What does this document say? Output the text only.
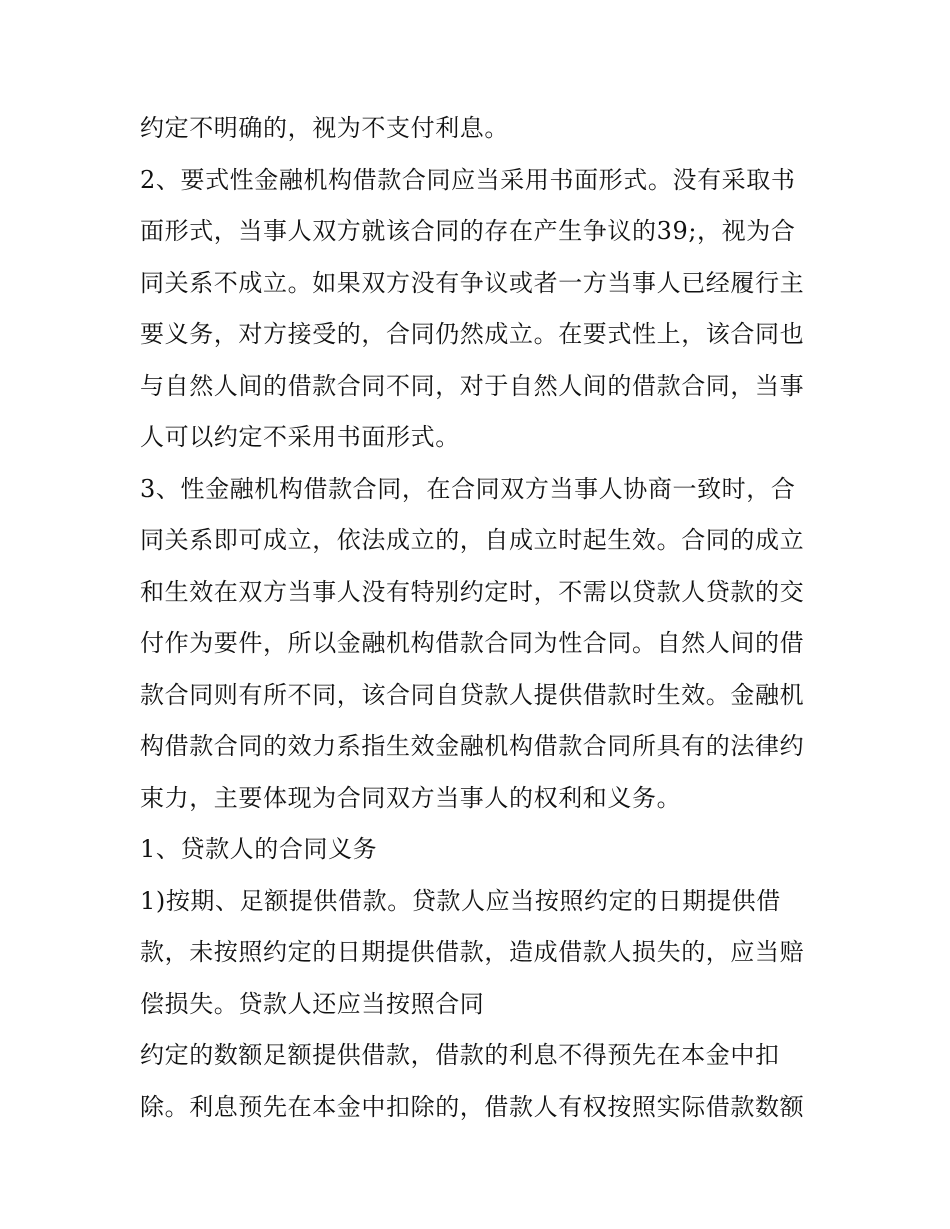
约定不明确的，视为不支付利息。

2、要式性金融机构借款合同应当采用书面形式。没有采取书

面形式，当事人双方就该合同的存在产生争议的39;，视为合

同关系不成立。如果双方没有争议或者一方当事人已经履行主

要义务，对方接受的，合同仍然成立。在要式性上，该合同也

与自然人间的借款合同不同，对于自然人间的借款合同，当事

人可以约定不采用书面形式。

3、性金融机构借款合同，在合同双方当事人协商一致时，合

同关系即可成立，依法成立的，自成立时起生效。合同的成立

和生效在双方当事人没有特别约定时，不需以贷款人贷款的交

付作为要件，所以金融机构借款合同为性合同。自然人间的借

款合同则有所不同，该合同自贷款人提供借款时生效。金融机

构借款合同的效力系指生效金融机构借款合同所具有的法律约

束力，主要体现为合同双方当事人的权利和义务。

1、贷款人的合同义务

1)按期、足额提供借款。贷款人应当按照约定的日期提供借

款，未按照约定的日期提供借款，造成借款人损失的，应当赔

偿损失。贷款人还应当按照合同

约定的数额足额提供借款，借款的利息不得预先在本金中扣

除。利息预先在本金中扣除的，借款人有权按照实际借款数额
